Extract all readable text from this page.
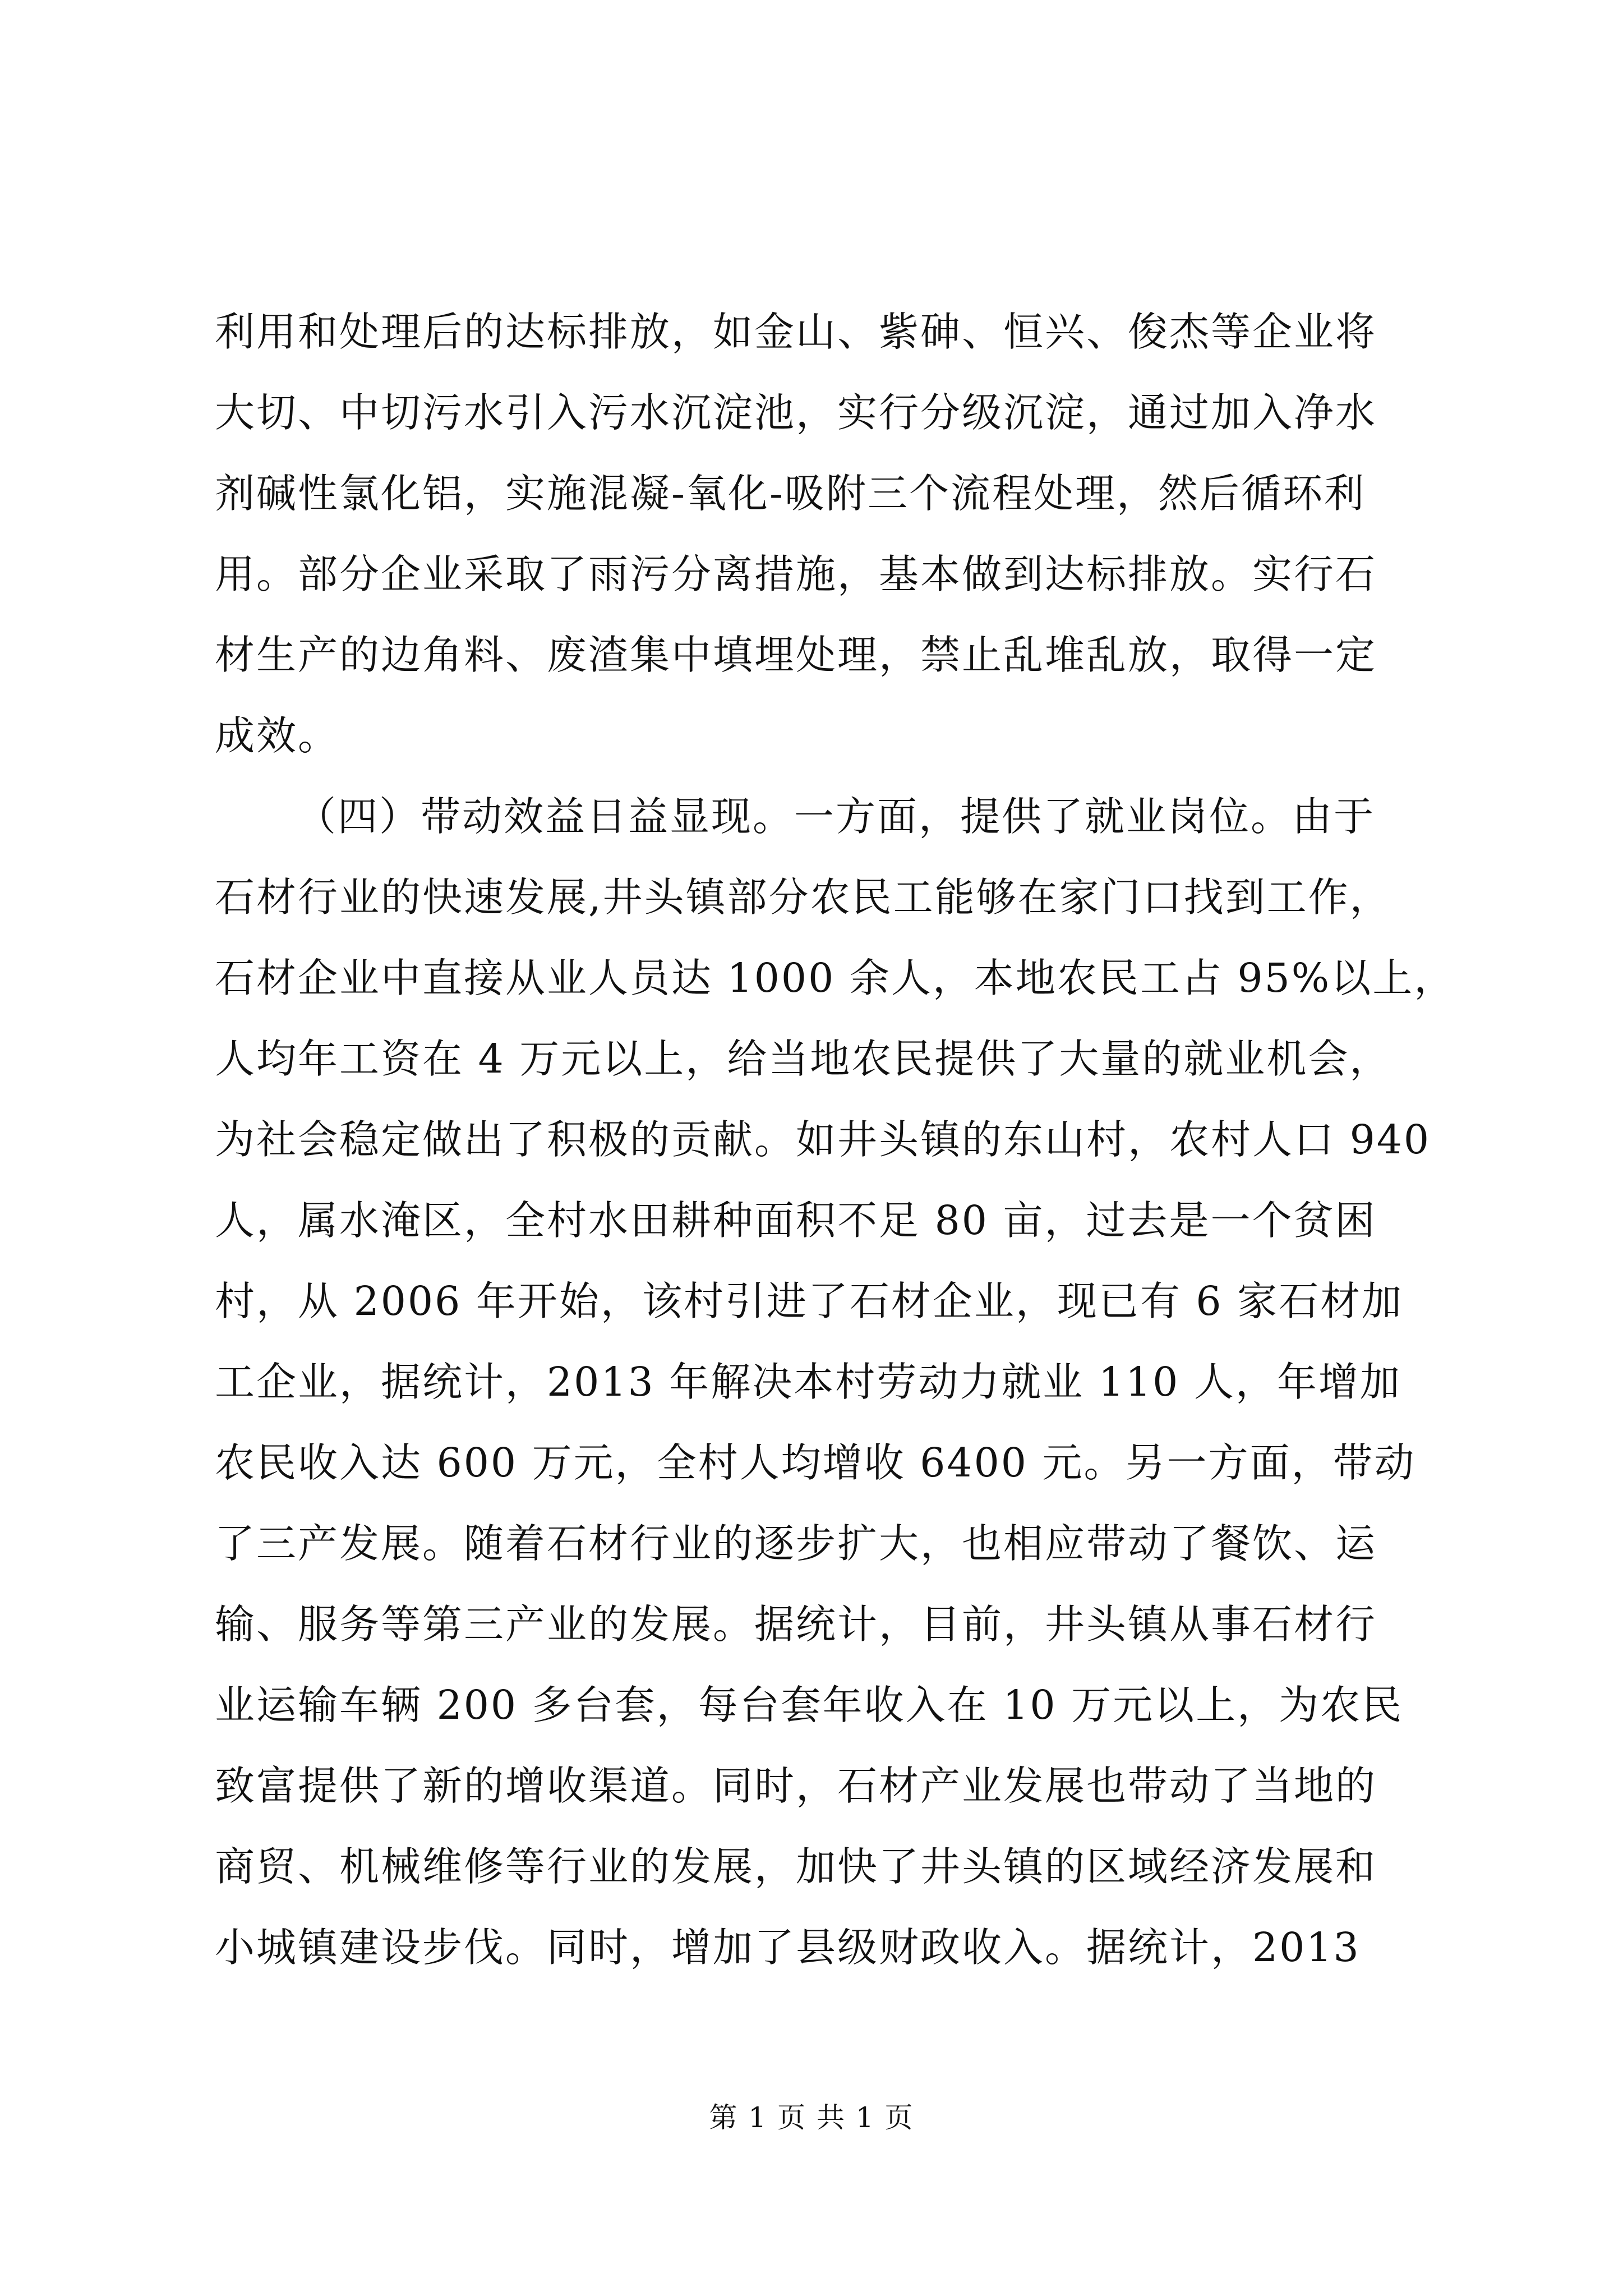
利用和处理后的达标排放，如金山、紫砷、恒兴、俊杰等企业将
大切、中切污水引入污水沉淀池，实行分级沉淀，通过加入净水
剂碱性氯化铝，实施混凝-氧化-吸附三个流程处理，然后循环利
用。部分企业采取了雨污分离措施，基本做到达标排放。实行石
材生产的边角料、废渣集中填埋处理，禁止乱堆乱放，取得一定
成效。
（四）带动效益日益显现。一方面，提供了就业岗位。由于
石材行业的快速发展,井头镇部分农民工能够在家门口找到工作，
石材企业中直接从业人员达 1000 余人，本地农民工占 95%以上，
人均年工资在 4 万元以上，给当地农民提供了大量的就业机会，
为社会稳定做出了积极的贡献。如井头镇的东山村，农村人口 940
人，属水淹区，全村水田耕种面积不足 80 亩，过去是一个贫困
村，从 2006 年开始，该村引进了石材企业，现已有 6 家石材加
工企业，据统计，2013 年解决本村劳动力就业 110 人，年增加
农民收入达 600 万元，全村人均增收 6400 元。另一方面，带动
了三产发展。随着石材行业的逐步扩大，也相应带动了餐饮、运
输、服务等第三产业的发展。据统计，目前，井头镇从事石材行
业运输车辆 200 多台套，每台套年收入在 10 万元以上，为农民
致富提供了新的增收渠道。同时，石材产业发展也带动了当地的
商贸、机械维修等行业的发展，加快了井头镇的区域经济发展和
小城镇建设步伐。同时，增加了县级财政收入。据统计，2013
第 1 页 共 1 页
